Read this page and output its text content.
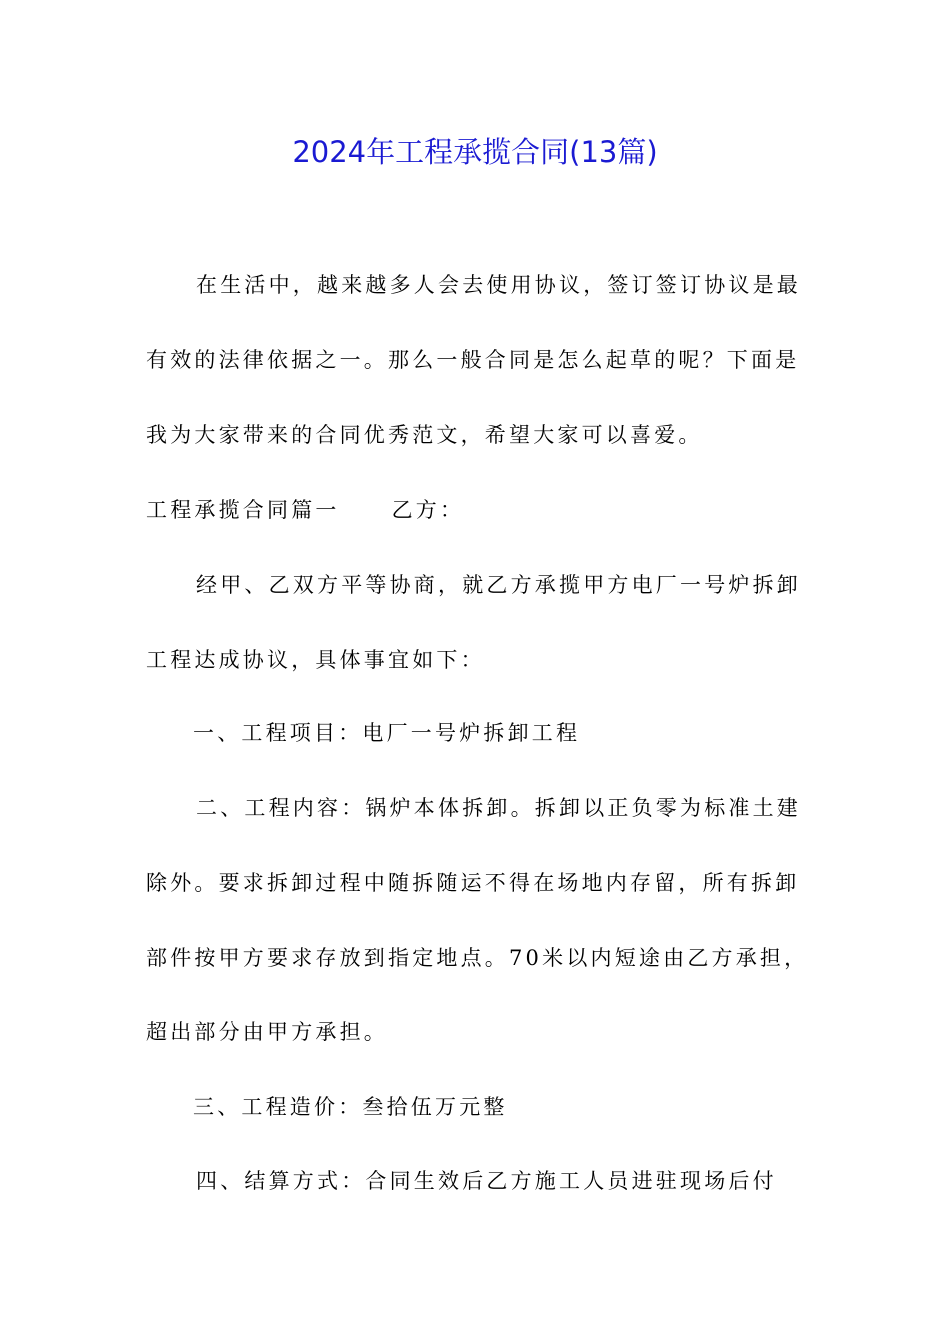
2024年工程承揽合同(13篇)

在生活中，越来越多人会去使用协议，签订签订协议是最

有效的法律依据之一。那么一般合同是怎么起草的呢？下面是

我为大家带来的合同优秀范文，希望大家可以喜爱。

工程承揽合同篇一 乙方：

经甲、乙双方平等协商，就乙方承揽甲方电厂一号炉拆卸

工程达成协议，具体事宜如下：

一、工程项目：电厂一号炉拆卸工程

二、工程内容：锅炉本体拆卸。拆卸以正负零为标准土建

除外。要求拆卸过程中随拆随运不得在场地内存留，所有拆卸

部件按甲方要求存放到指定地点。70米以内短途由乙方承担，

超出部分由甲方承担。

三、工程造价：叁拾伍万元整

四、结算方式：合同生效后乙方施工人员进驻现场后付
